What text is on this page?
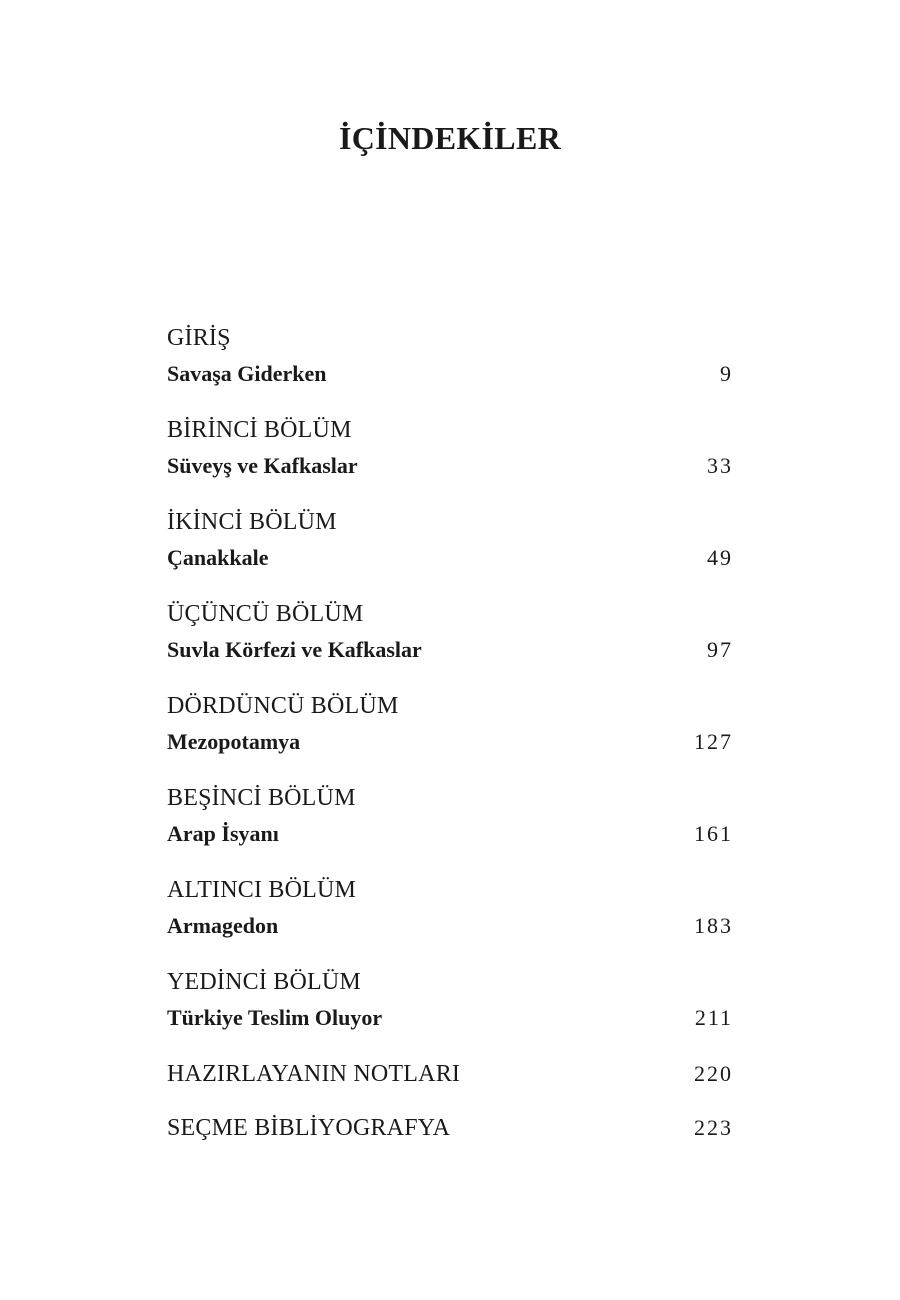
İÇİNDEKİLER
GİRİŞ
Savaşa Giderken	9
BİRİNCİ BÖLÜM
Süveyş ve Kafkaslar	33
İKİNCİ BÖLÜM
Çanakkale	49
ÜÇÜNCÜ BÖLÜM
Suvla Körfezi ve Kafkaslar	97
DÖRDÜNCÜ BÖLÜM
Mezopotamya	127
BEŞİNCİ BÖLÜM
Arap İsyanı	161
ALTINCI BÖLÜM
Armagedon	183
YEDİNCİ BÖLÜM
Türkiye Teslim Oluyor	211
HAZIRLAYANIN NOTLARI	220
SEÇME BİBLİYOGRAFYA	223
